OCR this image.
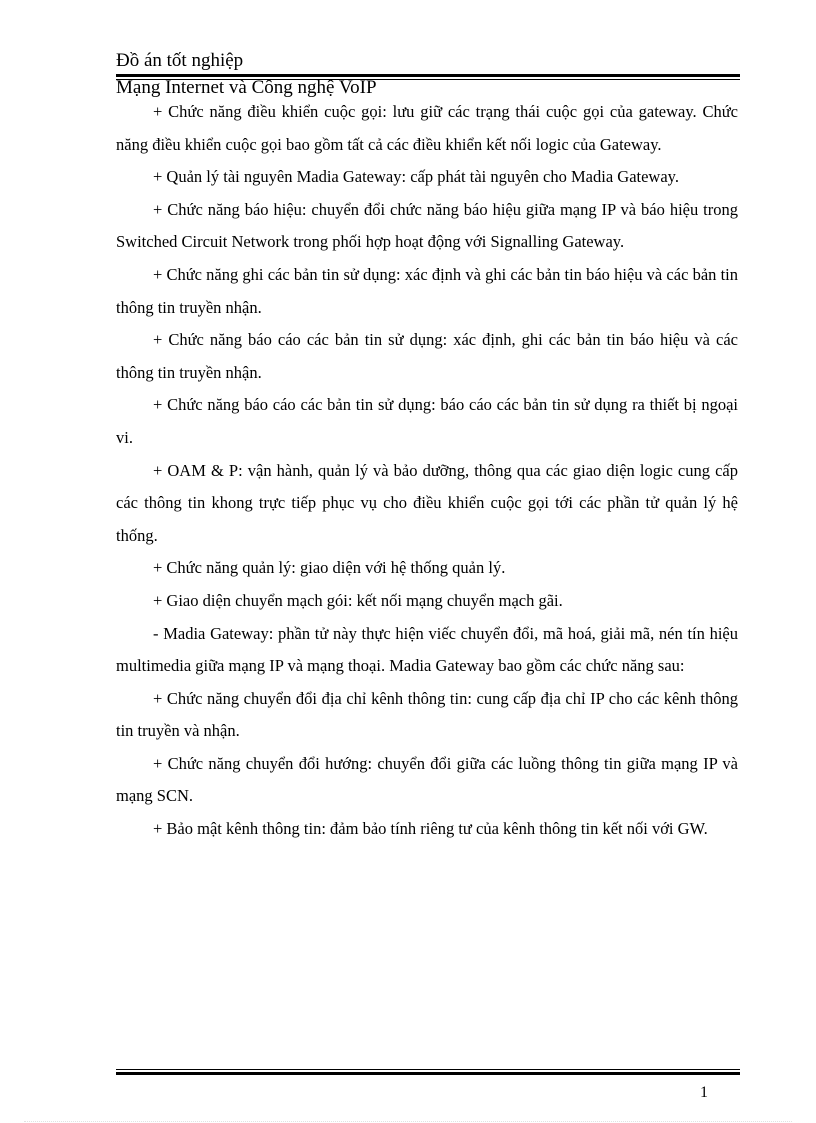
Đồ án tốt nghiệp
Mạng Internet và Công nghệ VoIP

+ Chức năng điều khiển cuộc gọi: lưu giữ các trạng thái cuộc gọi của gateway. Chức năng điều khiển cuộc gọi bao gồm tất cả các điều khiển kết nối logic của Gateway.

+ Quản lý tài nguyên Madia Gateway: cấp phát tài nguyên cho Madia Gateway.

+ Chức năng báo hiệu: chuyển đổi chức năng báo hiệu giữa mạng IP và báo hiệu trong Switched Circuit Network trong phối hợp hoạt động với Signalling Gateway.

+ Chức năng ghi các bản tin sử dụng: xác định và ghi các bản tin báo hiệu và các bản tin thông tin truyền nhận.

+ Chức năng báo cáo các bản tin sử dụng: xác định, ghi các bản tin báo hiệu và các thông tin truyền nhận.

+ Chức năng báo cáo các bản tin sử dụng: báo cáo các bản tin sử dụng ra thiết bị ngoại vi.

+ OAM & P: vận hành, quản lý và bảo dưỡng, thông qua các giao diện logic cung cấp các thông tin khong trực tiếp phục vụ cho điều khiển cuộc gọi tới các phần tử quản lý hệ thống.

+ Chức năng quản lý: giao diện với hệ thống quản lý.

+ Giao diện chuyển mạch gói: kết nối mạng chuyển mạch gãi.

- Madia Gateway: phần tử này thực hiện viếc chuyển đổi, mã hoá, giải mã, nén tín hiệu multimedia giữa mạng IP và mạng thoại. Madia Gateway bao gồm các chức năng sau:

+ Chức năng chuyển đổi địa chỉ kênh thông tin: cung cấp địa chỉ IP cho các kênh thông tin truyền và nhận.

+ Chức năng chuyển đổi hướng: chuyển đổi giữa các luồng thông tin giữa mạng IP và mạng SCN.

+ Bảo mật kênh thông tin: đảm bảo tính riêng tư của kênh thông tin kết nối với GW.

1
